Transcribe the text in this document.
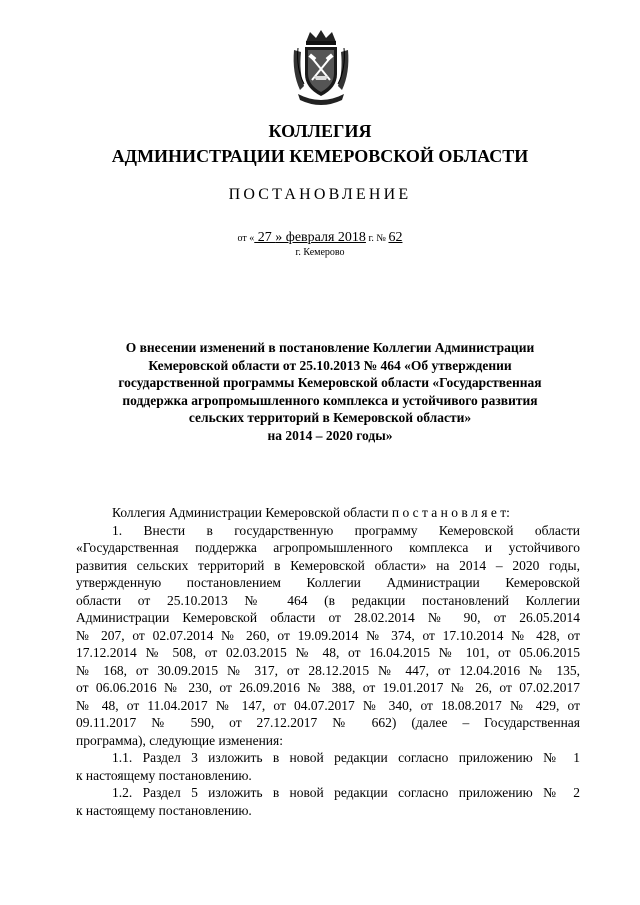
КОЛЛЕГИЯ
АДМИНИСТРАЦИИ КЕМЕРОВСКОЙ ОБЛАСТИ
ПОСТАНОВЛЕНИЕ
от « 27 » февраля 2018 г. № 62
г. Кемерово
О внесении изменений в постановление Коллегии Администрации
Кемеровской области от 25.10.2013 № 464 «Об утверждении
государственной программы Кемеровской области «Государственная
поддержка агропромышленного комплекса и устойчивого развития
сельских территорий в Кемеровской области»
на 2014 – 2020 годы»
Коллегия Администрации Кемеровской области п о с т а н о в л я е т:
1. Внести в государственную программу Кемеровской области
«Государственная поддержка агропромышленного комплекса и устойчивого
развития сельских территорий в Кемеровской области» на 2014 – 2020 годы,
утвержденную постановлением Коллегии Администрации Кемеровской
области от 25.10.2013 № 464 (в редакции постановлений Коллегии
Администрации Кемеровской области от 28.02.2014 № 90, от 26.05.2014
№ 207, от 02.07.2014 № 260, от 19.09.2014 № 374, от 17.10.2014 № 428, от
17.12.2014 № 508, от 02.03.2015 № 48, от 16.04.2015 № 101, от 05.06.2015
№ 168, от 30.09.2015 № 317, от 28.12.2015 № 447, от 12.04.2016 № 135,
от 06.06.2016 № 230, от 26.09.2016 № 388, от 19.01.2017 № 26, от 07.02.2017
№ 48, от 11.04.2017 № 147, от 04.07.2017 № 340, от 18.08.2017 № 429, от
09.11.2017 № 590, от 27.12.2017 № 662) (далее – Государственная
программа), следующие изменения:
1.1. Раздел 3 изложить в новой редакции согласно приложению № 1
к настоящему постановлению.
1.2. Раздел 5 изложить в новой редакции согласно приложению № 2
к настоящему постановлению.
